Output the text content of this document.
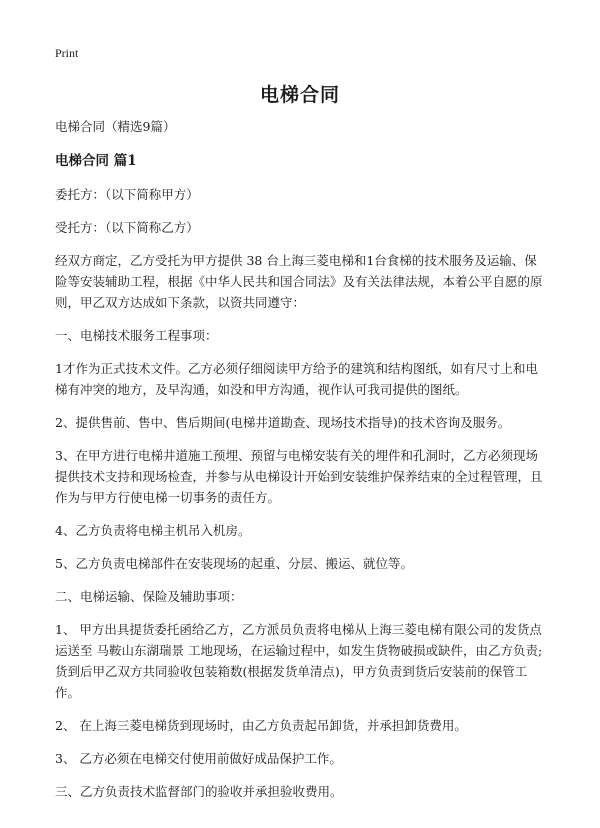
Print
电梯合同

电梯合同（精选9篇）

电梯合同 篇1

委托方：（以下简称甲方）

受托方：（以下简称乙方）

经双方商定，乙方受托为甲方提供 38 台上海三菱电梯和1台食梯的技术服务及运输、保险等安装辅助工程，根据《中华人民共和国合同法》及有关法律法规，本着公平自愿的原则，甲乙双方达成如下条款，以资共同遵守：

一、电梯技术服务工程事项：

1才作为正式技术文件。乙方必须仔细阅读甲方给予的建筑和结构图纸，如有尺寸上和电梯有冲突的地方，及早沟通，如没和甲方沟通，视作认可我司提供的图纸。

2、提供售前、售中、售后期间(电梯井道勘查、现场技术指导)的技术咨询及服务。

3、在甲方进行电梯井道施工预埋、预留与电梯安装有关的埋件和孔洞时，乙方必须现场提供技术支持和现场检查，并参与从电梯设计开始到安装维护保养结束的全过程管理，且作为与甲方行使电梯一切事务的责任方。

4、乙方负责将电梯主机吊入机房。

5、乙方负责电梯部件在安装现场的起重、分层、搬运、就位等。

二、电梯运输、保险及辅助事项：

1、 甲方出具提货委托函给乙方，乙方派员负责将电梯从上海三菱电梯有限公司的发货点运送至 马鞍山东湖瑞景 工地现场，在运输过程中，如发生货物破损或缺件，由乙方负责;货到后甲乙双方共同验收包装箱数(根据发货单清点)，甲方负责到货后安装前的保管工作。

2、 在上海三菱电梯货到现场时，由乙方负责起吊卸货，并承担卸货费用。

3、 乙方必须在电梯交付使用前做好成品保护工作。

三、乙方负责技术监督部门的验收并承担验收费用。
